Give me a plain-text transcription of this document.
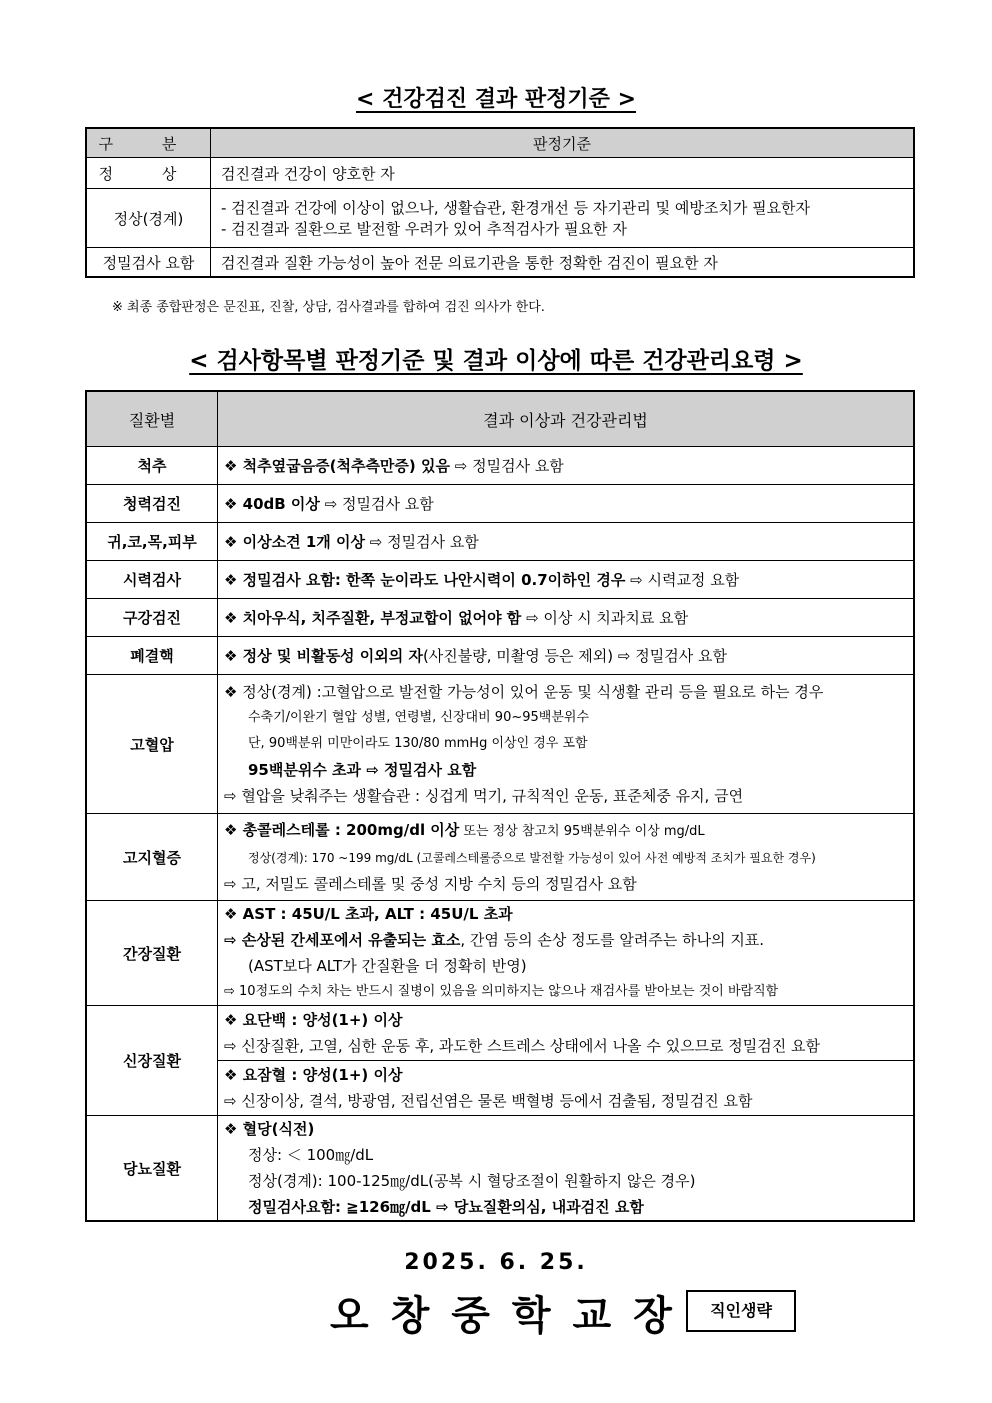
< 건강검진 결과 판정기준 >
구 분	판정기준
정 상	검진결과 건강이 양호한 자
정상(경계)	- 검진결과 건강에 이상이 없으나, 생활습관, 환경개선 등 자기관리 및 예방조치가 필요한자
- 검진결과 질환으로 발전할 우려가 있어 추적검사가 필요한 자

정밀검사 요함	검진결과 질환 가능성이 높아 전문 의료기관을 통한 정확한 검진이 필요한 자
※ 최종 종합판정은 문진표, 진찰, 상담, 검사결과를 합하여 검진 의사가 한다.
< 검사항목별 판정기준 및 결과 이상에 따른 건강관리요령 >
질환별	결과 이상과 건강관리법
척추	❖ 척추옆굽음증(척추측만증) 있음 ⇨ 정밀검사 요함
청력검진	❖ 40dB 이상 ⇨ 정밀검사 요함
귀,코,목,피부	❖ 이상소견 1개 이상 ⇨ 정밀검사 요함
시력검사	❖ 정밀검사 요함: 한쪽 눈이라도 나안시력이 0.7이하인 경우 ⇨ 시력교정 요함
구강검진	❖ 치아우식, 치주질환, 부정교합이 없어야 함 ⇨ 이상 시 치과치료 요함
폐결핵	❖ 정상 및 비활동성 이외의 자(사진불량, 미촬영 등은 제외) ⇨ 정밀검사 요함
고혈압	❖ 정상(경계) :고혈압으로 발전할 가능성이 있어 운동 및 식생활 관리 등을 필요로 하는 경우
수축기/이완기 혈압 성별, 연령별, 신장대비 90~95백분위수
단, 90백분위 미만이라도 130/80 mmHg 이상인 경우 포함
95백분위수 초과 ⇨ 정밀검사 요함
⇨ 혈압을 낮춰주는 생활습관 : 싱겁게 먹기, 규칙적인 운동, 표준체중 유지, 금연

고지혈증	❖ 총콜레스테롤 : 200mg/dl 이상 또는 정상 참고치 95백분위수 이상 mg/dL
정상(경계): 170 ~199 mg/dL (고콜레스테롤증으로 발전할 가능성이 있어 사전 예방적 조치가 필요한 경우)
⇨ 고, 저밀도 콜레스테롤 및 중성 지방 수치 등의 정밀검사 요함

간장질환	❖ AST : 45U/L 초과, ALT : 45U/L 초과
⇨ 손상된 간세포에서 유출되는 효소, 간염 등의 손상 정도를 알려주는 하나의 지표.
(AST보다 ALT가 간질환을 더 정확히 반영)
⇨ 10정도의 수치 차는 반드시 질병이 있음을 의미하지는 않으나 재검사를 받아보는 것이 바람직함

신장질환	❖ 요단백 : 양성(1+) 이상
⇨ 신장질환, 고열, 심한 운동 후, 과도한 스트레스 상태에서 나올 수 있으므로 정밀검진 요함

	❖ 요잠혈 : 양성(1+) 이상
⇨ 신장이상, 결석, 방광염, 전립선염은 물론 백혈병 등에서 검출됨, 정밀검진 요함

당뇨질환	❖ 혈당(식전)
정상: ＜ 100㎎/dL
정상(경계): 100-125㎎/dL(공복 시 혈당조절이 원활하지 않은 경우)
정밀검사요함: ≧126㎎/dL ⇨ 당뇨질환의심, 내과검진 요함
2025. 6. 25.
오창중학교장	직인생략
